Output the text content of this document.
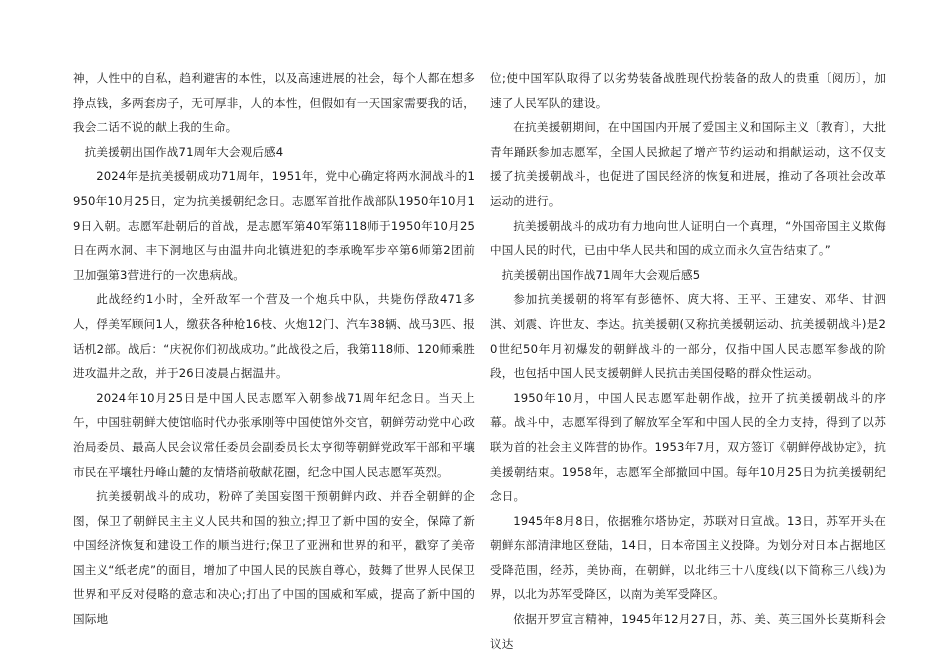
神，人性中的自私，趋利避害的本性，以及高速进展的社会，每个人都在想多挣点钱，多两套房子，无可厚非，人的本性，但假如有一天国家需要我的话，我会二话不说的献上我的生命。

抗美援朝出国作战71周年大会观后感4

2024年是抗美援朝成功71周年，1951年，党中心确定将两水洞战斗的1950年10月25日，定为抗美援朝纪念日。志愿军首批作战部队1950年10月19日入朝。志愿军赴朝后的首战，是志愿军第40军第118师于1950年10月25日在两水洞、丰下洞地区与由温井向北镇进犯的李承晚军步卒第6师第2团前卫加强第3营进行的一次患病战。

此战经约1小时，全歼敌军一个营及一个炮兵中队，共毙伤俘敌471多人，俘美军顾问1人，缴获各种枪16枝、火炮12门、汽车38辆、战马3匹、报话机2部。战后：“庆祝你们初战成功。”此战役之后，我第118师、120师乘胜进攻温井之敌，并于26日凌晨占据温井。

2024年10月25日是中国人民志愿军入朝参战71周年纪念日。当天上午，中国驻朝鲜大使馆临时代办张承刚等中国使馆外交官，朝鲜劳动党中心政治局委员、最高人民会议常任委员会副委员长太亨彻等朝鲜党政军干部和平壤市民在平壤牡丹峰山麓的友情塔前敬献花圈，纪念中国人民志愿军英烈。

抗美援朝战斗的成功，粉碎了美国妄图干预朝鲜内政、并吞全朝鲜的企图，保卫了朝鲜民主主义人民共和国的独立;捍卫了新中国的安全，保障了新中国经济恢复和建设工作的顺当进行;保卫了亚洲和世界的和平，戳穿了美帝国主义“纸老虎”的面目，增加了中国人民的民族自尊心，鼓舞了世界人民保卫世界和平反对侵略的意志和决心;打出了中国的国威和军威，提高了新中国的国际地

位;使中国军队取得了以劣势装备战胜现代扮装备的敌人的贵重〔阅历〕，加速了人民军队的建设。

在抗美援朝期间，在中国国内开展了爱国主义和国际主义〔教育〕，大批青年踊跃参加志愿军，全国人民掀起了增产节约运动和捐献运动，这不仅支援了抗美援朝战斗，也促进了国民经济的恢复和进展，推动了各项社会改革运动的进行。

抗美援朝战斗的成功有力地向世人证明白一个真理，“外国帝国主义欺侮中国人民的时代，已由中华人民共和国的成立而永久宣告结束了。”

抗美援朝出国作战71周年大会观后感5

参加抗美援朝的将军有彭德怀、庹大将、王平、王建安、邓华、甘泗淇、刘震、许世友、李达。抗美援朝(又称抗美援朝运动、抗美援朝战斗)是20世纪50年月初爆发的朝鲜战斗的一部分，仅指中国人民志愿军参战的阶段，也包括中国人民支援朝鲜人民抗击美国侵略的群众性运动。

1950年10月，中国人民志愿军赴朝作战，拉开了抗美援朝战斗的序幕。战斗中，志愿军得到了解放军全军和中国人民的全力支持，得到了以苏联为首的社会主义阵营的协作。1953年7月，双方签订《朝鲜停战协定》，抗美援朝结束。1958年，志愿军全部撤回中国。每年10月25日为抗美援朝纪念日。

1945年8月8日，依据雅尔塔协定，苏联对日宣战。13日，苏军开头在朝鲜东部清津地区登陆，14日，日本帝国主义投降。为划分对日本占据地区受降范围，经苏，美协商，在朝鲜，以北纬三十八度线(以下简称三八线)为界，以北为苏军受降区，以南为美军受降区。

依据开罗宣言精神，1945年12月27日，苏、美、英三国外长莫斯科会议达
